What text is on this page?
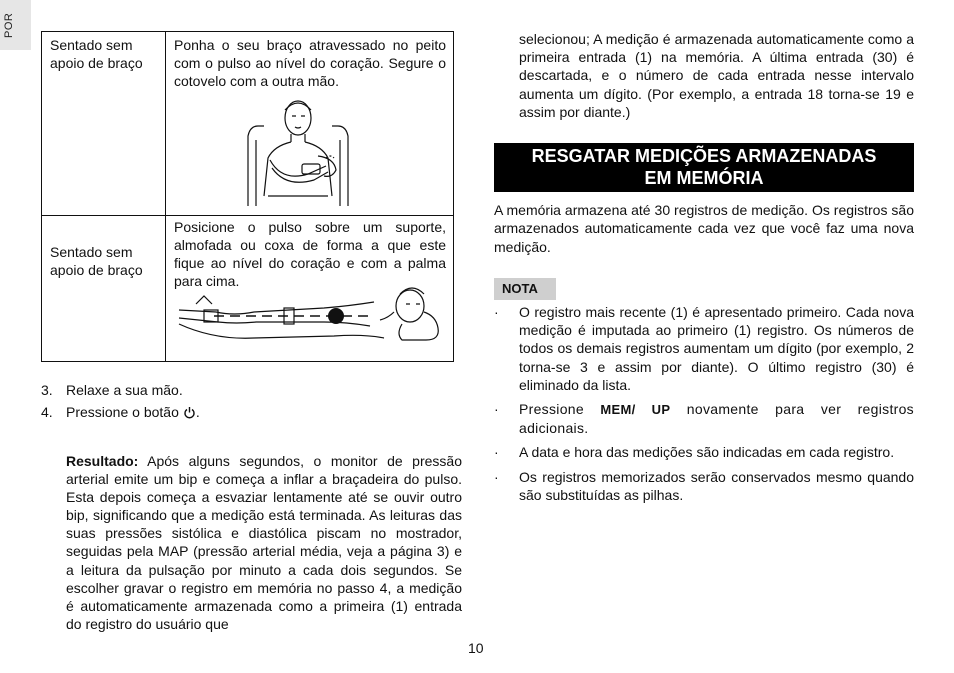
POR
Sentado sem apoio de braço
Ponha o seu braço atravessado no peito com o pulso ao nível do coração. Segure o cotovelo com a outra mão.
Sentado sem apoio de braço
Posicione o pulso sobre um suporte, almofada ou coxa de forma a que este fique ao nível do coração e com a palma para cima.
3. Relaxe a sua mão.
4. Pressione o botão .
Resultado: Após alguns segundos, o monitor de pressão arterial emite um bip e começa a inflar a braçadeira do pulso. Esta depois começa a esvaziar lentamente até se ouvir outro bip, significando que a medição está terminada. As leituras das suas pressões sistólica e diastólica piscam no mostrador, seguidas pela MAP (pressão arterial média, veja a página 3) e a leitura da pulsação por minuto a cada dois segundos. Se escolher gravar o registro em memória no passo 4, a medição é automaticamente armazenada como a primeira (1) entrada do registro do usuário que
selecionou; A medição é armazenada automaticamente como a primeira entrada (1) na memória. A última entrada (30) é descartada, e o número de cada entrada nesse intervalo aumenta um dígito. (Por exemplo, a entrada 18 torna-se 19 e assim por diante.)
RESGATAR MEDIÇÕES ARMAZENADAS
EM MEMÓRIA
A memória armazena até 30 registros de medição. Os registros são armazenados automaticamente cada vez que você faz uma nova medição.
NOTA
· O registro mais recente (1) é apresentado primeiro. Cada nova medição é imputada ao primeiro (1) registro. Os números de todos os demais registros aumentam um dígito (por exemplo, 2 torna-se 3 e assim por diante). O último registro (30) é eliminado da lista.
· Pressione MEM/ UP novamente para ver registros adicionais.
· A data e hora das medições são indicadas em cada registro.
· Os registros memorizados serão conservados mesmo quando são substituídas as pilhas.
10
